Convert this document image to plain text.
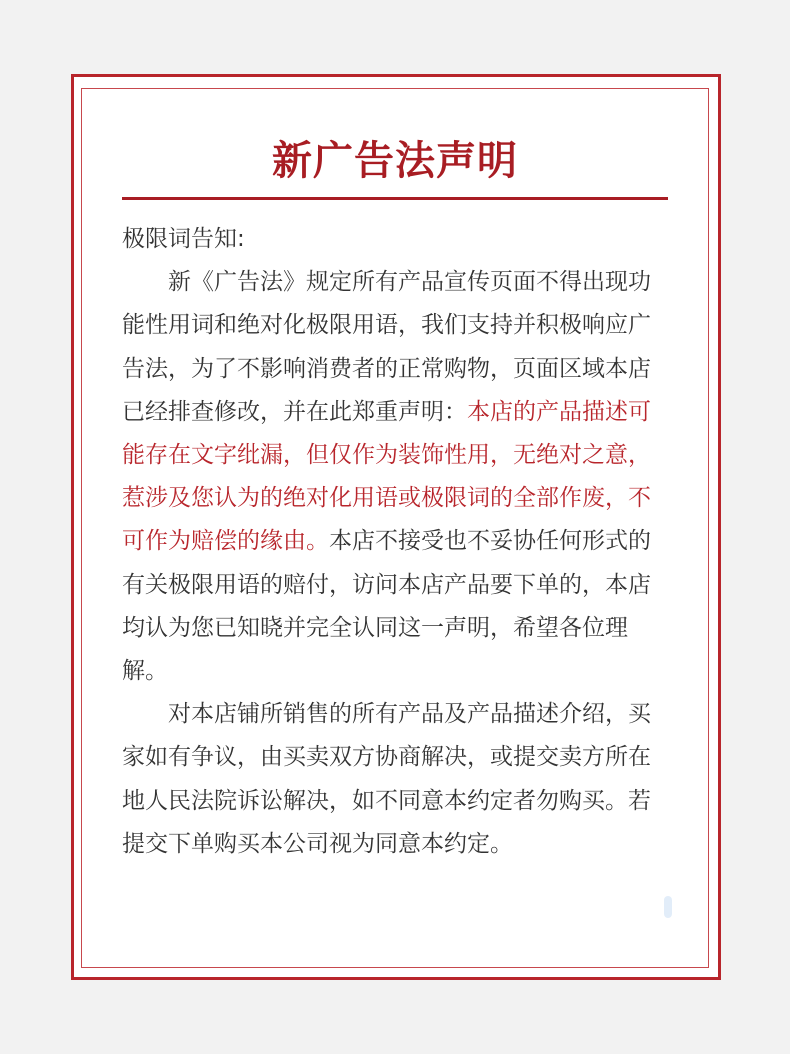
新广告法声明

极限词告知:

新《广告法》规定所有产品宣传页面不得出现功能性用词和绝对化极限用语，我们支持并积极响应广告法，为了不影响消费者的正常购物，页面区域本店已经排查修改，并在此郑重声明：本店的产品描述可能存在文字纰漏，但仅作为装饰性用，无绝对之意，惹涉及您认为的绝对化用语或极限词的全部作废，不可作为赔偿的缘由。本店不接受也不妥协任何形式的有关极限用语的赔付，访问本店产品要下单的，本店均认为您已知晓并完全认同这一声明，希望各位理解。

对本店铺所销售的所有产品及产品描述介绍，买家如有争议，由买卖双方协商解决，或提交卖方所在地人民法院诉讼解决，如不同意本约定者勿购买。若提交下单购买本公司视为同意本约定。
